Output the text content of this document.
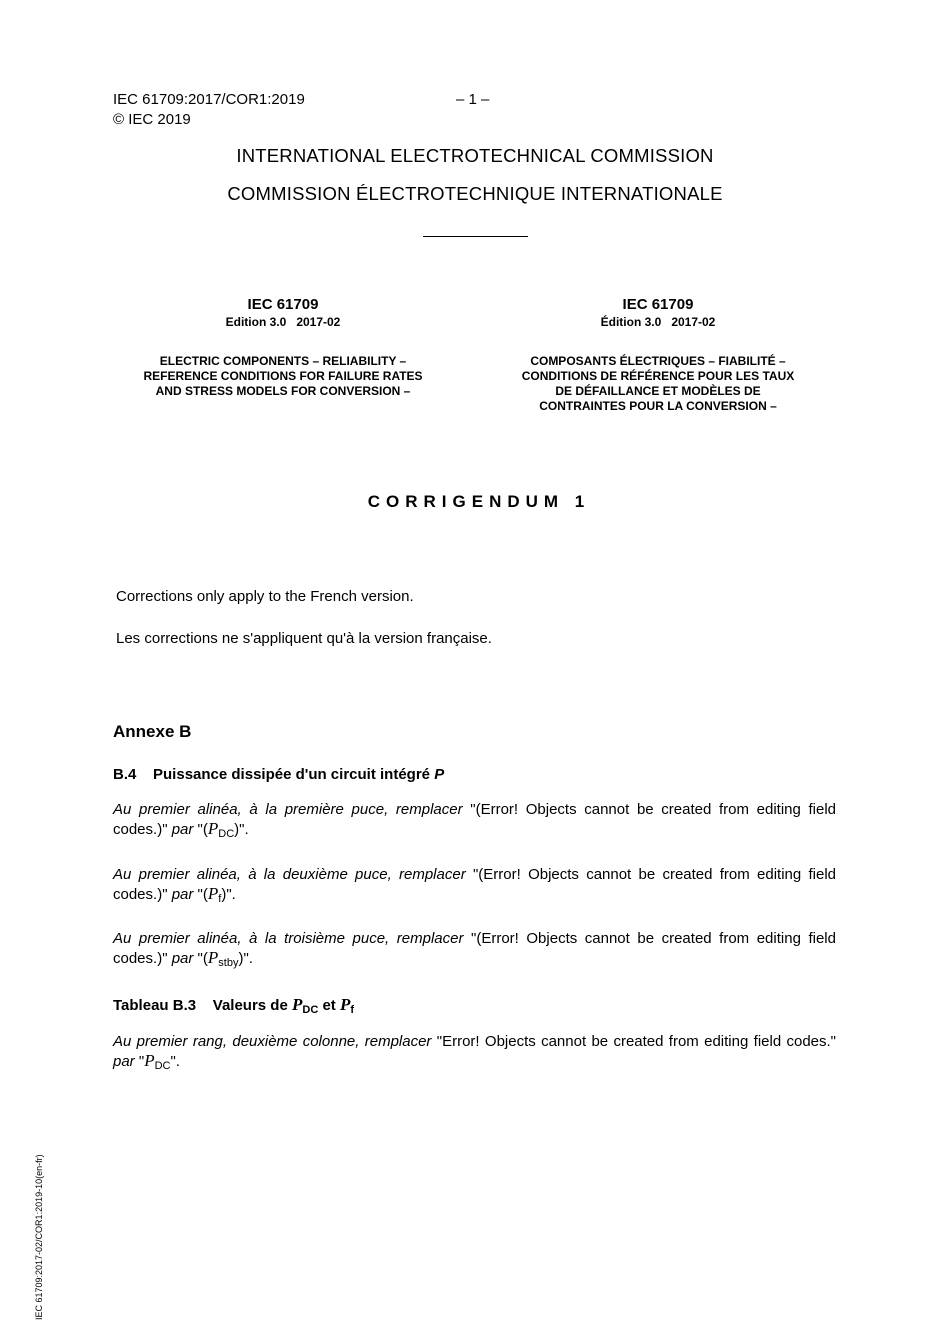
IEC 61709:2017/COR1:2019	– 1 –
© IEC 2019
INTERNATIONAL ELECTROTECHNICAL COMMISSION
COMMISSION ÉLECTROTECHNIQUE INTERNATIONALE
IEC 61709
Edition 3.0   2017-02
ELECTRIC COMPONENTS – RELIABILITY –
REFERENCE CONDITIONS FOR FAILURE RATES
AND STRESS MODELS FOR CONVERSION –
IEC 61709
Édition 3.0   2017-02
COMPOSANTS ÉLECTRIQUES – FIABILITÉ –
CONDITIONS DE RÉFÉRENCE POUR LES TAUX
DE DÉFAILLANCE ET MODÈLES DE
CONTRAINTES POUR LA CONVERSION –
CORRIGENDUM 1
Corrections only apply to the French version.
Les corrections ne s'appliquent qu'à la version française.
Annexe B
B.4 Puissance dissipée d'un circuit intégré P
Au premier alinéa, à la première puce, remplacer "(Error! Objects cannot be created from editing field codes.)" par "$(P_{DC})$".
Au premier alinéa, à la deuxième puce, remplacer "(Error! Objects cannot be created from editing field codes.)" par "$(P_f)$".
Au premier alinéa, à la troisième puce, remplacer "(Error! Objects cannot be created from editing field codes.)" par "$(P_{stby})$".
Tableau B.3 Valeurs de $P_{DC}$ et $P_f$
Au premier rang, deuxième colonne, remplacer "Error! Objects cannot be created from editing field codes." par "$P_{DC}$".
IEC 61709:2017-02/COR1:2019-10(en-fr)
